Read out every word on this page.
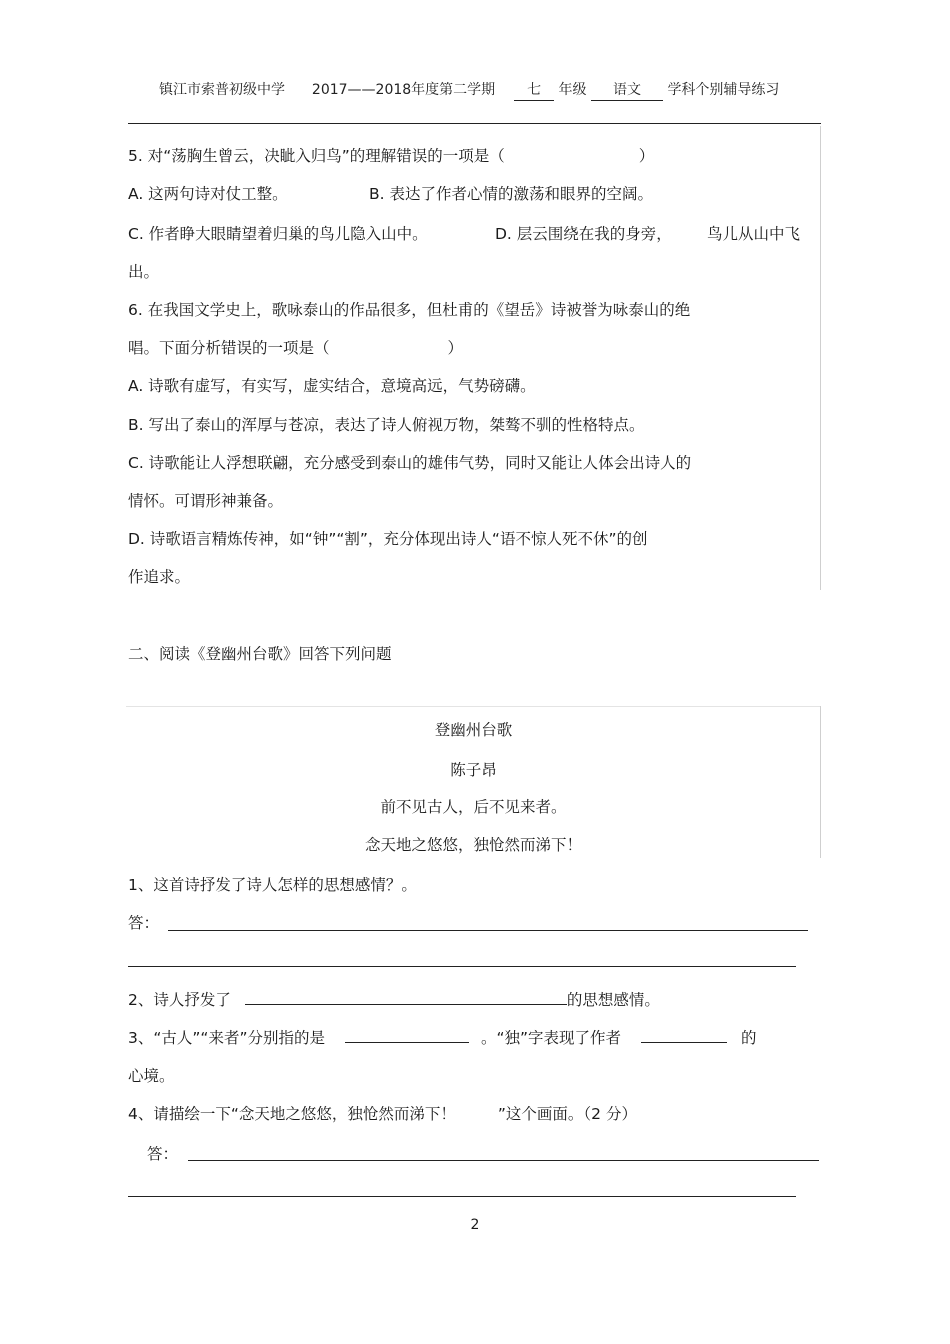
镇江市索普初级中学 2017——2018年度第二学期 七 年级 语文 学科个别辅导练习
5. 对“荡胸生曾云，决眦入归鸟”的理解错误的一项是（	）
A. 这两句诗对仗工整。	B. 表达了作者心情的激荡和眼界的空阔。
C. 作者睁大眼睛望着归巢的鸟儿隐入山中。	D. 层云围绕在我的身旁， 鸟儿从山中飞
出。
6. 在我国文学史上，歌咏泰山的作品很多，但杜甫的《望岳》诗被誉为咏泰山的绝
唱。下面分析错误的一项是（	）
A. 诗歌有虚写，有实写，虚实结合，意境高远，气势磅礴。
B. 写出了泰山的浑厚与苍凉，表达了诗人俯视万物，桀骜不驯的性格特点。
C. 诗歌能让人浮想联翩，充分感受到泰山的雄伟气势，同时又能让人体会出诗人的
情怀。可谓形神兼备。
D. 诗歌语言精炼传神，如“钟”“割”，充分体现出诗人“语不惊人死不休”的创
作追求。
二、阅读《登幽州台歌》回答下列问题
登幽州台歌
陈子昂
前不见古人，后不见来者。
念天地之悠悠，独怆然而涕下！
1、这首诗抒发了诗人怎样的思想感情？。
答：
2、诗人抒发了	的思想感情。
3、“古人”“来者”分别指的是	。“独”字表现了作者	的
心境。
4、请描绘一下“念天地之悠悠，独怆然而涕下！	”这个画面。（2 分）
答：
2
